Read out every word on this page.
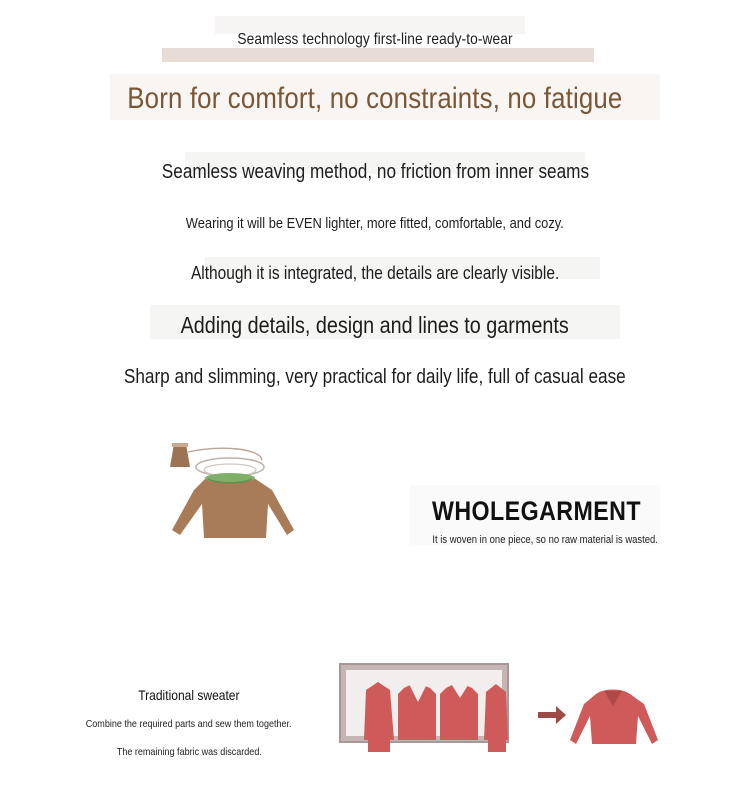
Seamless technology first-line ready-to-wear
Born for comfort, no constraints, no fatigue
Seamless weaving method, no friction from inner seams
Wearing it will be EVEN lighter, more fitted, comfortable, and cozy.
Although it is integrated, the details are clearly visible.
Adding details, design and lines to garments
Sharp and slimming, very practical for daily life, full of casual ease
WHOLEGARMENT
It is woven in one piece, so no raw material is wasted.
Traditional sweater
Combine the required parts and sew them together.
The remaining fabric was discarded.
